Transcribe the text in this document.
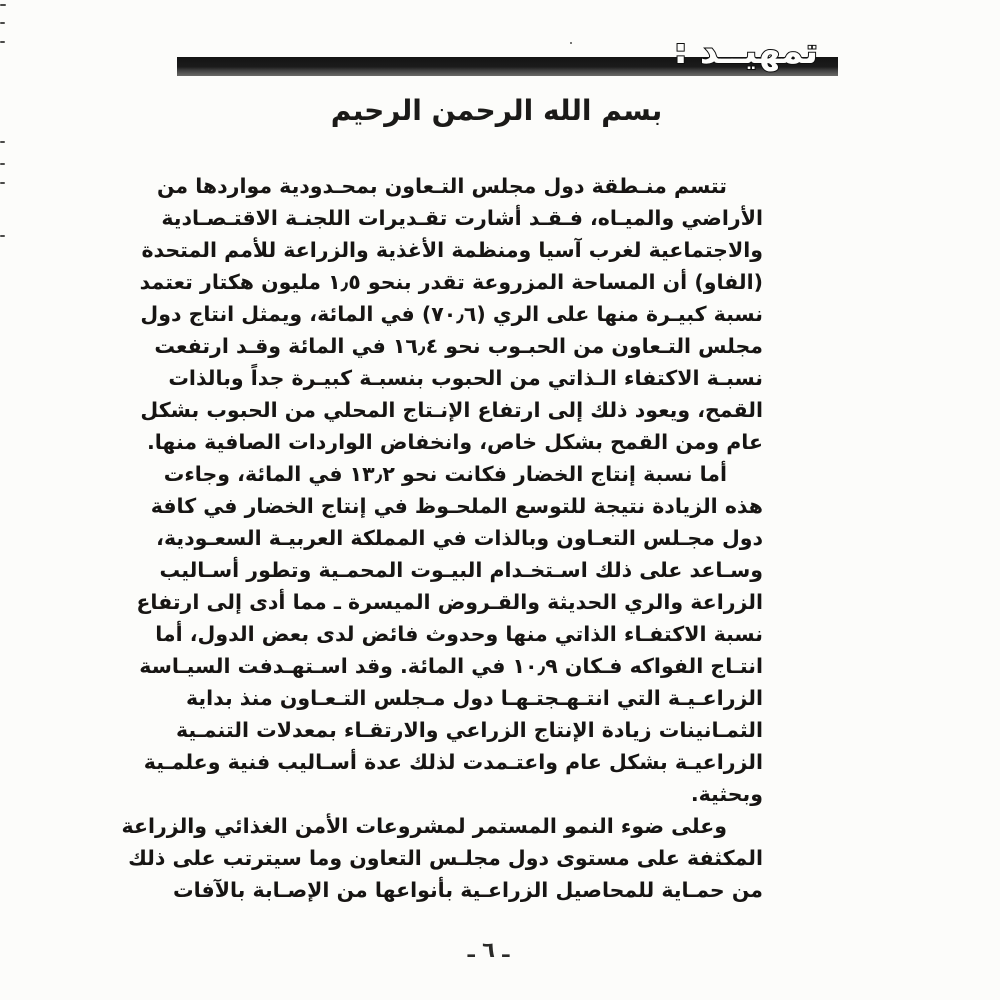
تمهيــد :
بسم الله الرحمن الرحيم
تتسم منـطقة دول مجلس التـعاون بمحـدودية مواردها من
الأراضي والميـاه، فـقـد أشارت تقـديرات اللجنـة الاقتـصـادية
والاجتماعية لغرب آسيا ومنظمة الأغذية والزراعة للأمم المتحدة
(الفاو) أن المساحة المزروعة تقدر بنحو ١٫٥ مليون هكتار تعتمد
نسبة كبيـرة منها على الري (٧٠٫٦) في المائة، ويمثل انتاج دول
مجلس التـعاون من الحبـوب نحو ١٦٫٤ في المائة وقـد ارتفعت
نسبـة الاكتفاء الـذاتي من الحبوب بنسبـة كبيـرة جداً وبالذات
القمح، ويعود ذلك إلى ارتفاع الإنـتاج المحلي من الحبوب بشكل
عام ومن القمح بشكل خاص، وانخفاض الواردات الصافية منها.
أما نسبة إنتاج الخضار فكانت نحو ١٣٫٢ في المائة، وجاءت
هذه الزيادة نتيجة للتوسع الملحـوظ في إنتاج الخضار في كافة
دول مجـلس التعـاون وبالذات في المملكة العربيـة السعـودية،
وسـاعد على ذلك اسـتخـدام البيـوت المحمـية وتطور أسـاليب
الزراعة والري الحديثة والقـروض الميسرة ـ مما أدى إلى ارتفاع
نسبة الاكتفـاء الذاتي منها وحدوث فائض لدى بعض الدول، أما
انتـاج الفواكه فـكان ١٠٫٩ في المائة. وقد اسـتهـدفت السيـاسة
الزراعـيـة التي انتـهـجتـهـا دول مـجلس التـعـاون منذ بداية
الثمـانينات زيادة الإنتاج الزراعي والارتقـاء بمعدلات التنمـية
الزراعيـة بشكل عام واعتـمدت لذلك عدة أسـاليب فنية وعلمـية
وبحثية.
وعلى ضوء النمو المستمر لمشروعات الأمن الغذائي والزراعة
المكثفة على مستوى دول مجلـس التعاون وما سيترتب على ذلك
من حمـاية للمحاصيل الزراعـية بأنواعها من الإصـابة بالآفات
ـ ٦ ـ
